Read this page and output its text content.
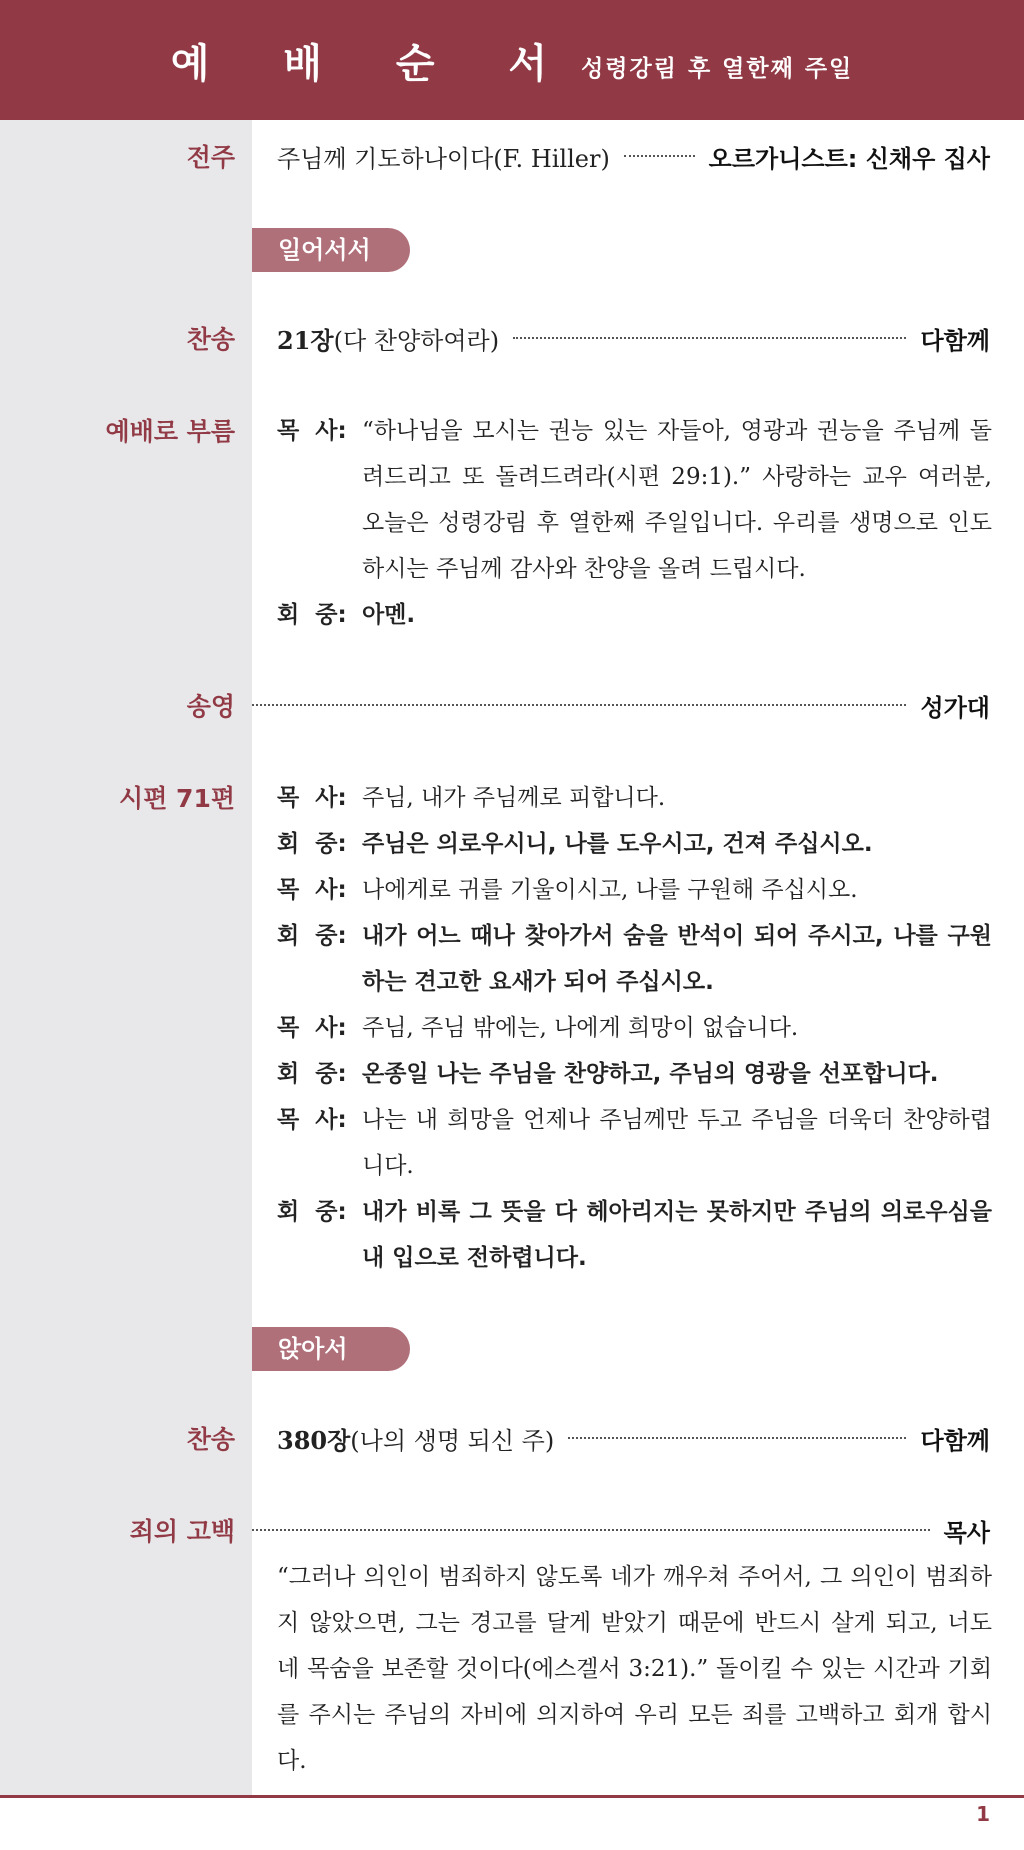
예 배 순 서 성령강림 후 열한째 주일
전주 주님께 기도하나이다(F. Hiller)	오르가니스트: 신채우 집사
일어서서
찬송 21장(다 찬양하여라)	다함께
예배로 부름 목  사: “하나님을 모시는 권능 있는 자들아, 영광과 권능을 주님께 돌려드리고 또 돌려드려라(시편 29:1).” 사랑하는 교우 여러분, 오늘은 성령강림 후 열한째 주일입니다. 우리를 생명으로 인도하시는 주님께 감사와 찬양을 올려 드립시다.
회  중: 아멘.
송영	성가대
시편 71편 목  사: 주님, 내가 주님께로 피합니다.
회  중: 주님은 의로우시니, 나를 도우시고, 건져 주십시오.
목  사: 나에게로 귀를 기울이시고, 나를 구원해 주십시오.
회  중: 내가 어느 때나 찾아가서 숨을 반석이 되어 주시고, 나를 구원하는 견고한 요새가 되어 주십시오.
목  사: 주님, 주님 밖에는, 나에게 희망이 없습니다.
회  중: 온종일 나는 주님을 찬양하고, 주님의 영광을 선포합니다.
목  사: 나는 내 희망을 언제나 주님께만 두고 주님을 더욱더 찬양하렵니다.
회  중: 내가 비록 그 뜻을 다 헤아리지는 못하지만 주님의 의로우심을 내 입으로 전하렵니다.
앉아서
찬송 380장(나의 생명 되신 주)	다함께
죄의 고백	목사
“그러나 의인이 범죄하지 않도록 네가 깨우쳐 주어서, 그 의인이 범죄하지 않았으면, 그는 경고를 달게 받았기 때문에 반드시 살게 되고, 너도 네 목숨을 보존할 것이다(에스겔서 3:21).” 돌이킬 수 있는 시간과 기회를 주시는 주님의 자비에 의지하여 우리 모든 죄를 고백하고 회개 합시다.
1
